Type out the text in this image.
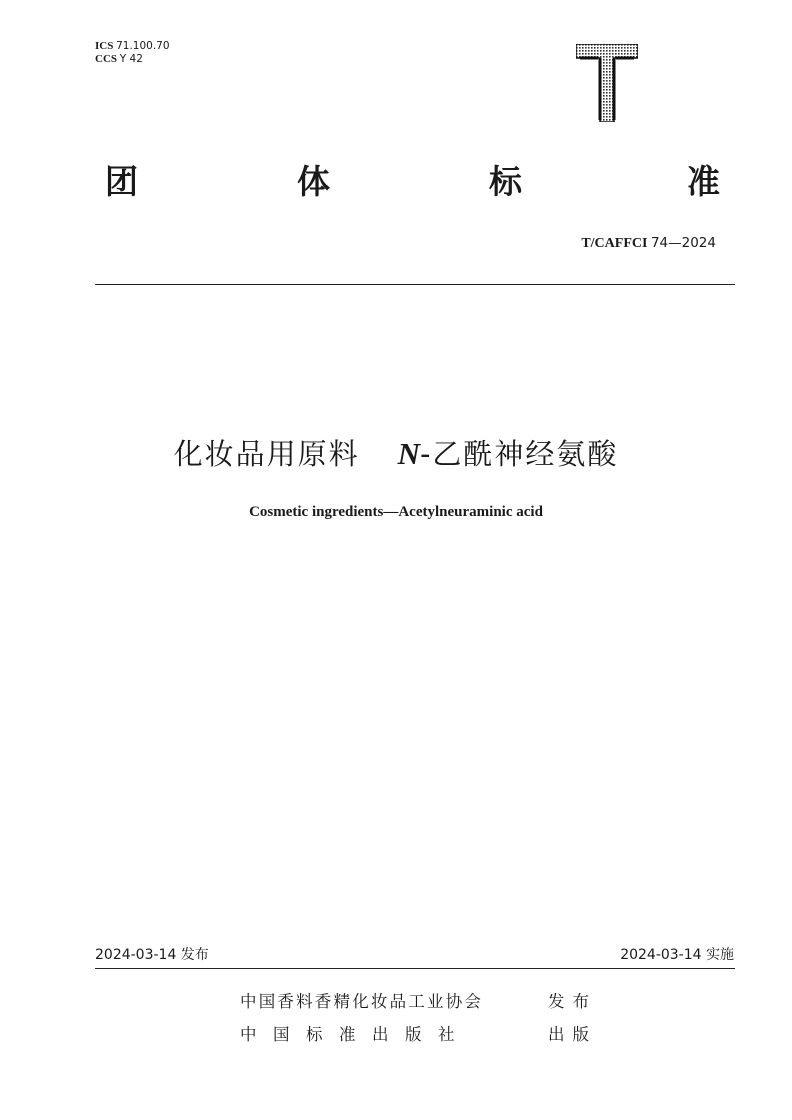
ICS 71.100.70
CCS Y 42
团	体	标	准
T/CAFFCI 74—2024
化妆品用原料 N-乙酰神经氨酸
Cosmetic ingredients—Acetylneuraminic acid
2024-03-14 发布	2024-03-14 实施
中国香料香精化妆品工业协会	发布
中国标准出版社	出版
